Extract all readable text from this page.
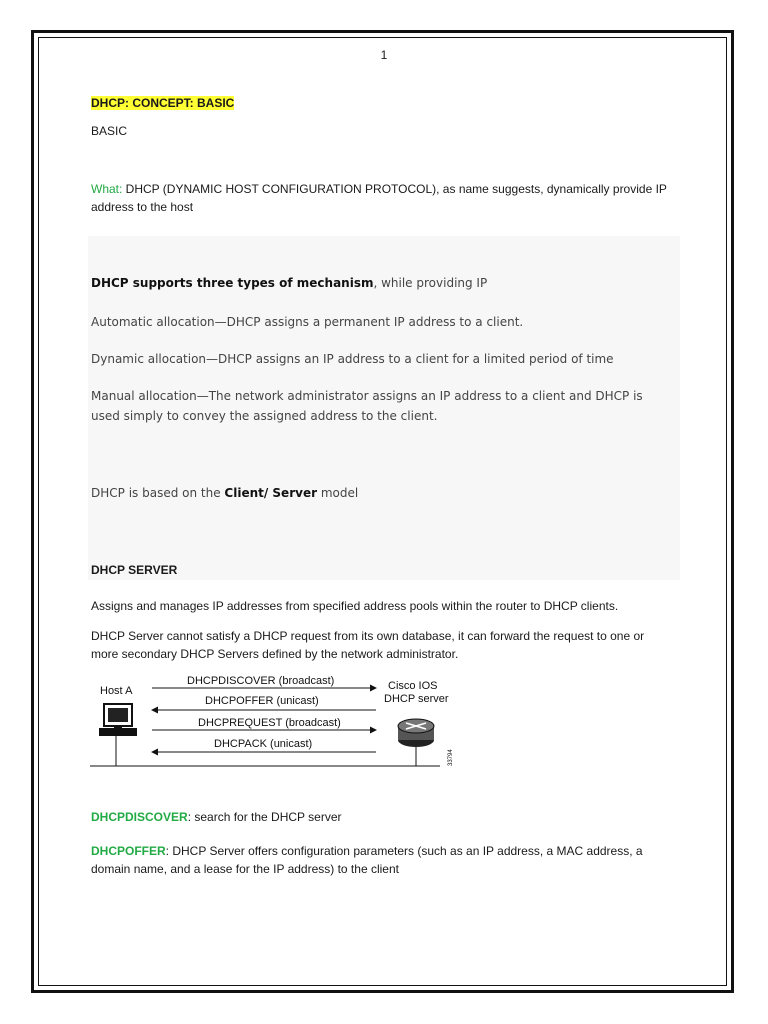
1
DHCP: CONCEPT: BASIC
BASIC
What: DHCP (DYNAMIC HOST CONFIGURATION PROTOCOL), as name suggests, dynamically provide IP
address to the host
DHCP supports three types of mechanism, while providing IP
Automatic allocation—DHCP assigns a permanent IP address to a client.
Dynamic allocation—DHCP assigns an IP address to a client for a limited period of time
Manual allocation—The network administrator assigns an IP address to a client and DHCP is
used simply to convey the assigned address to the client.
DHCP is based on the Client/ Server model
DHCP SERVER
Assigns and manages IP addresses from specified address pools within the router to DHCP clients.
DHCP Server cannot satisfy a DHCP request from its own database, it can forward the request to one or
more secondary DHCP Servers defined by the network administrator.
Host A	Cisco IOS
DHCP server
DHCPDISCOVER (broadcast)
DHCPOFFER (unicast)
DHCPREQUEST (broadcast)
DHCPACK (unicast)
33794
DHCPDISCOVER: search for the DHCP server
DHCPOFFER: DHCP Server offers configuration parameters (such as an IP address, a MAC address, a
domain name, and a lease for the IP address) to the client
